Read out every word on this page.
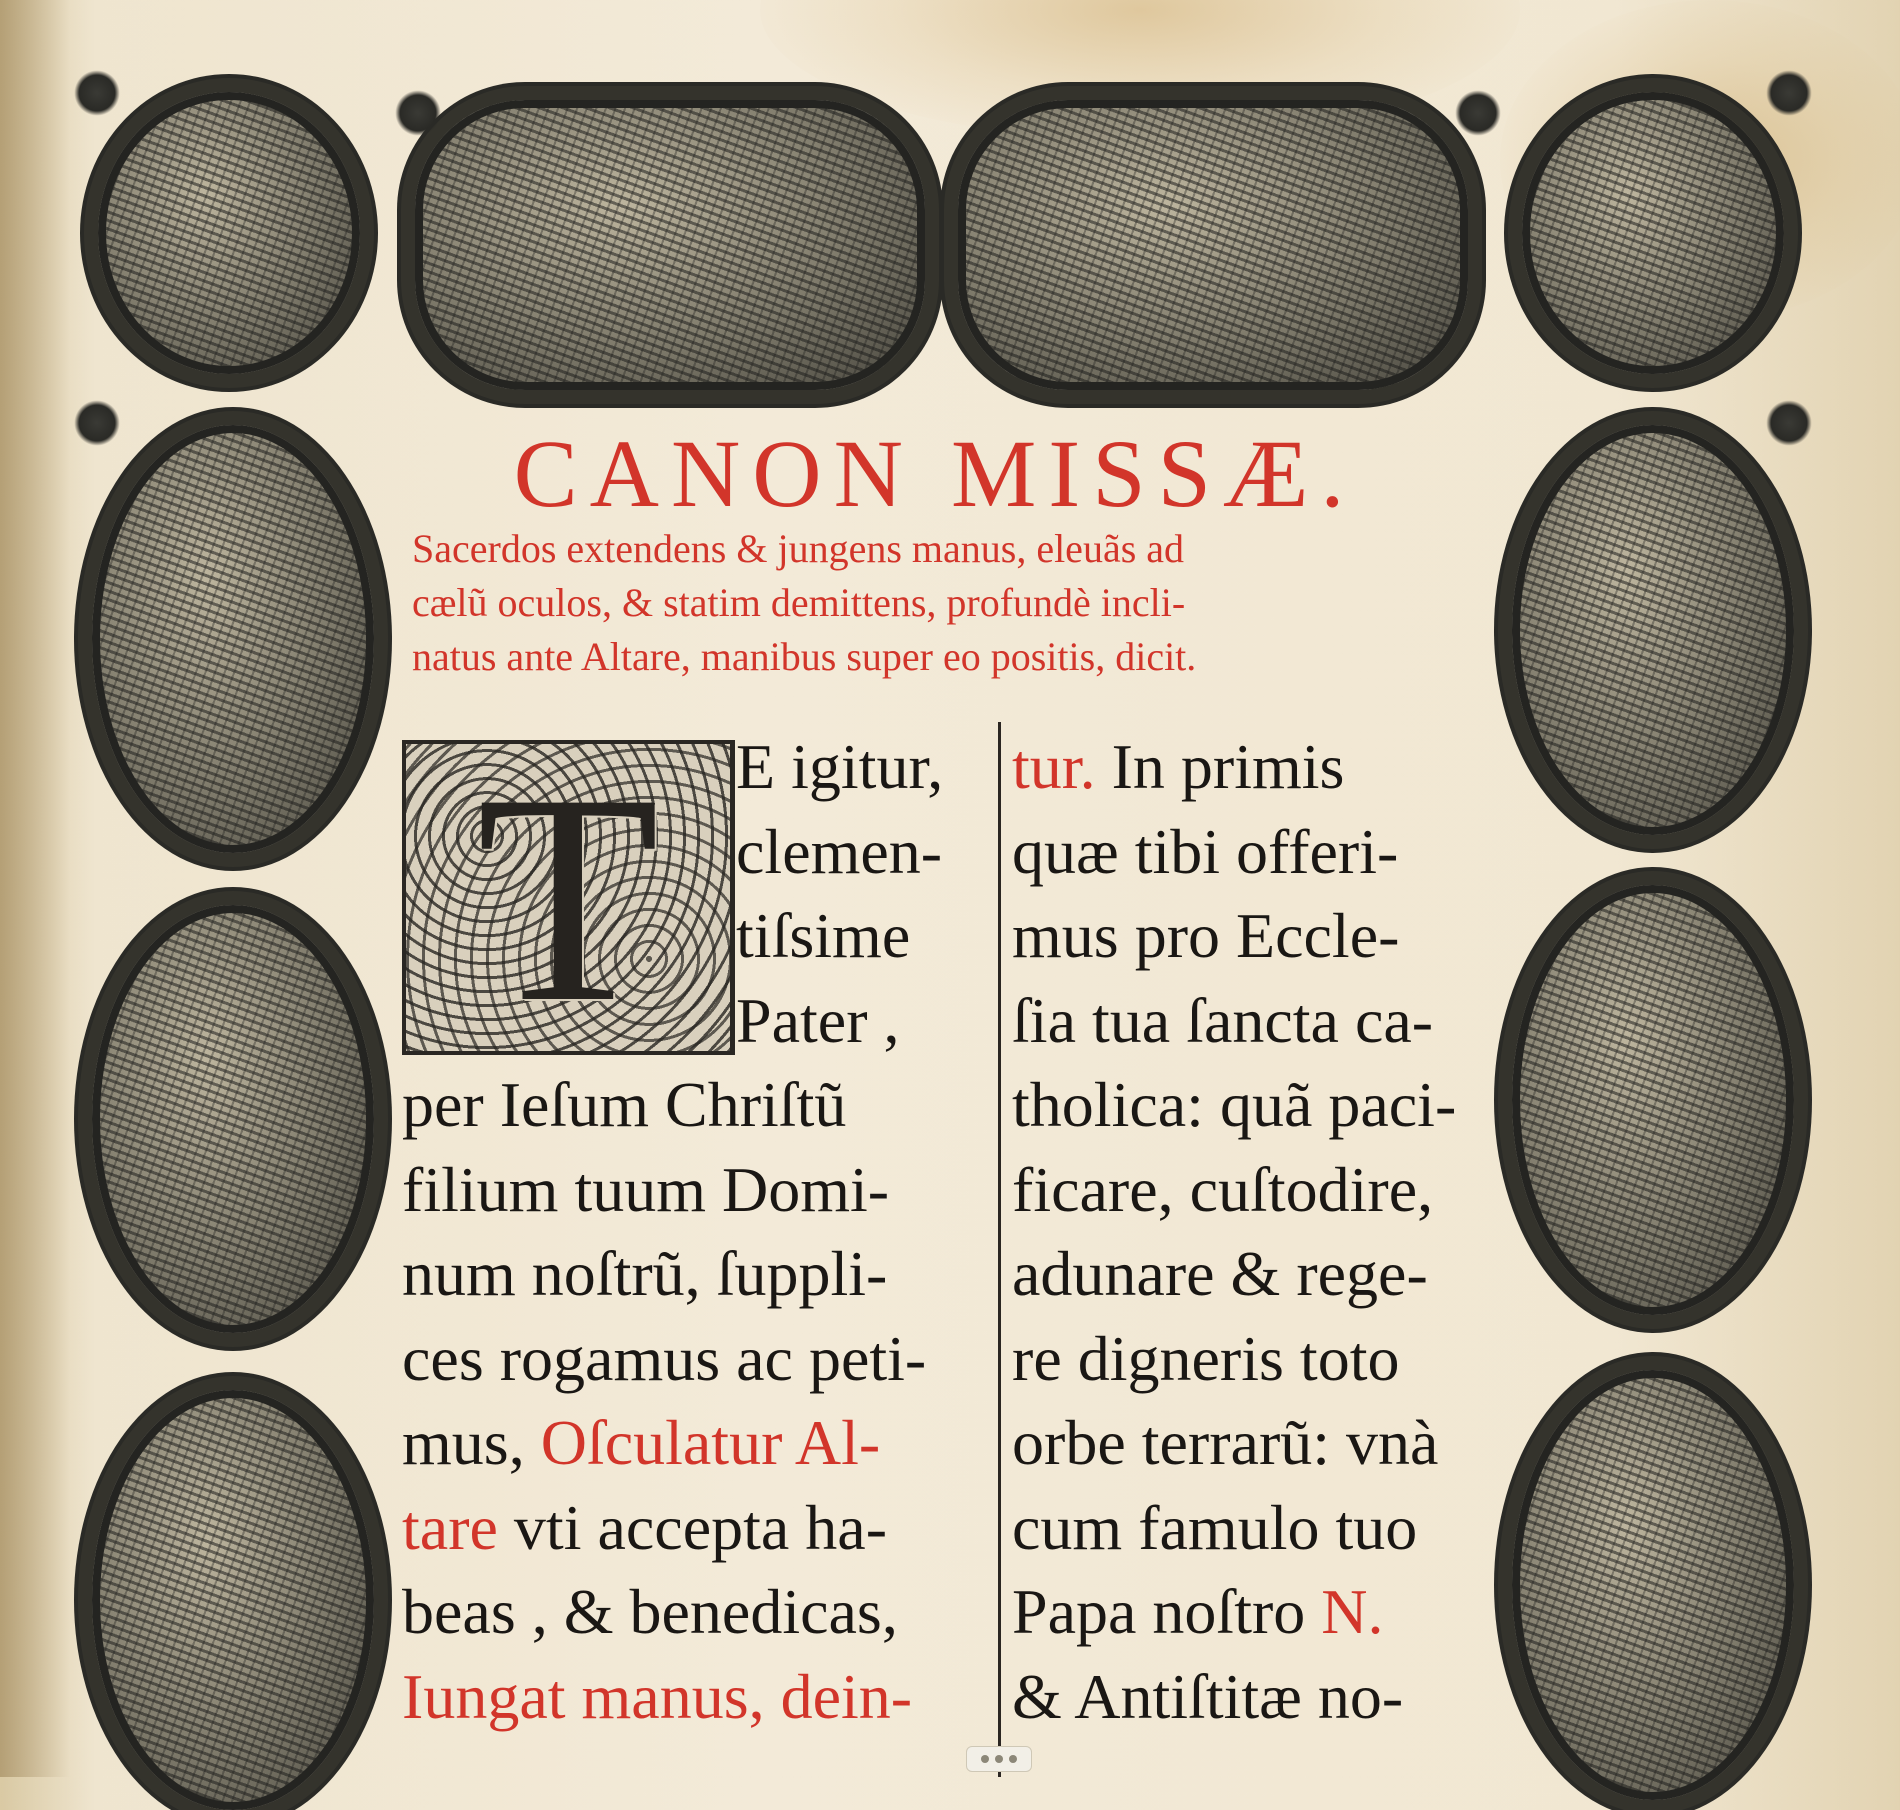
CANON MISSÆ.

Sacerdos extendens & jungens manus, eleuãs ad

cælũ oculos, & statim demittens, profundè incli-

natus ante Altare, manibus super eo positis, dicit.

T	E igitur,
clemen-
tiſsime
Pater ,
per Ieſum Chriſtũ
filium tuum Domi-
num noſtrũ, ſuppli-
ces rogamus ac peti-
mus, Oſculatur Al-
tare vti accepta ha-
beas , & benedicas,
Iungat manus, dein-
tur. In primis
quæ tibi offeri-
mus pro Eccle-
ſia tua ſancta ca-
tholica: quã paci-
ficare, cuſtodire,
adunare & rege-
re digneris toto
orbe terrarũ: vnà
cum famulo tuo
Papa noſtro N.
& Antiſtitæ no-
